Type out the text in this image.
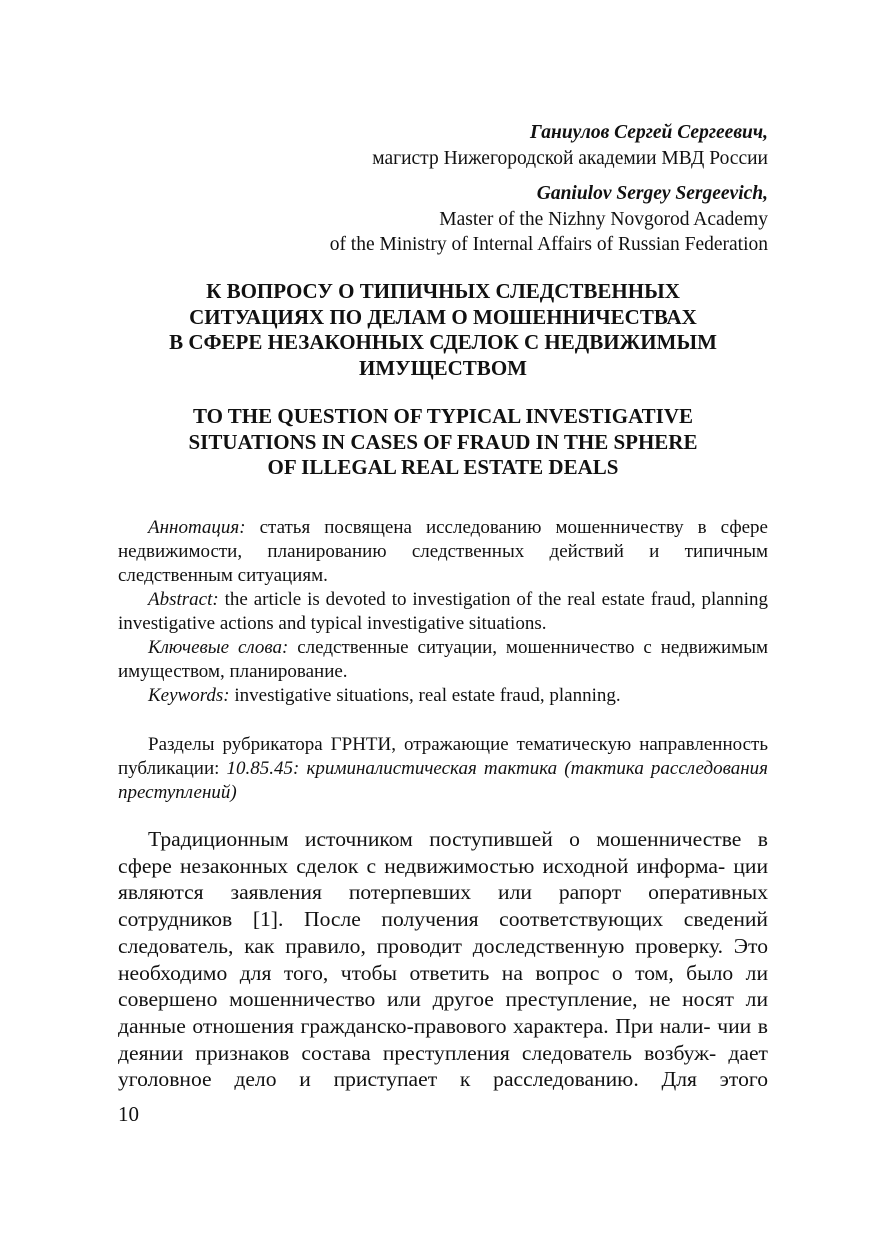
Ганиулов Сергей Сергеевич,
магистр Нижегородской академии МВД России
Ganiulov Sergey Sergeevich,
Master of the Nizhny Novgorod Academy
of the Ministry of Internal Affairs of Russian Federation
К ВОПРОСУ О ТИПИЧНЫХ СЛЕДСТВЕННЫХ
СИТУАЦИЯХ ПО ДЕЛАМ О МОШЕННИЧЕСТВАХ
В СФЕРЕ НЕЗАКОННЫХ СДЕЛОК С НЕДВИЖИМЫМ
ИМУЩЕСТВОМ
TO THE QUESTION OF TYPICAL INVESTIGATIVE
SITUATIONS IN CASES OF FRAUD IN THE SPHERE
OF ILLEGAL REAL ESTATE DEALS

Аннотация: статья посвящена исследованию мошенничеству в сфере недвижимости, планированию следственных действий и типичным следственным ситуациям.

Abstract: the article is devoted to investigation of the real estate fraud, planning investigative actions and typical investigative situations.

Ключевые слова: следственные ситуации, мошенничество с недвижимым имуществом, планирование.

Keywords: investigative situations, real estate fraud, planning.

Разделы рубрикатора ГРНТИ, отражающие тематическую направленность публикации: 10.85.45: криминалистическая тактика (тактика расследования преступлений)
Традиционным источником поступившей о мошенничестве в сфере незаконных сделок с недвижимостью исходной информа- ции являются заявления потерпевших или рапорт оперативных сотрудников [1]. После получения соответствующих сведений следователь, как правило, проводит доследственную проверку. Это необходимо для того, чтобы ответить на вопрос о том, было ли совершено мошенничество или другое преступление, не носят ли данные отношения гражданско-правового характера. При нали- чии в деянии признаков состава преступления следователь возбуж- дает уголовное дело и приступает к расследованию. Для этого
10
